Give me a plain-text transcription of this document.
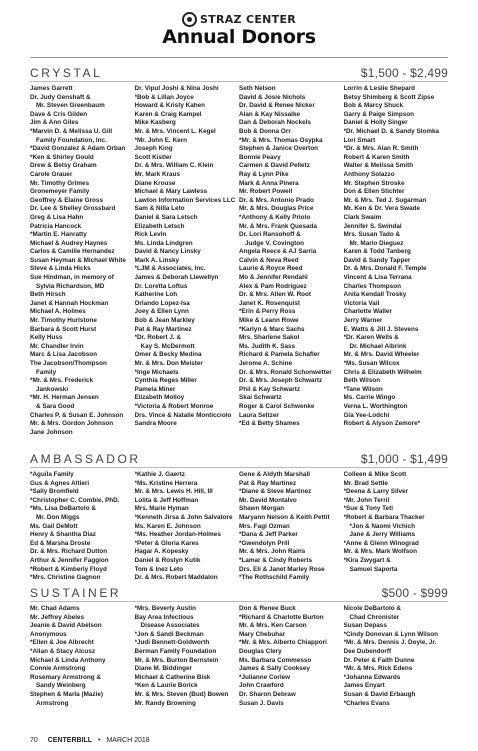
STRAZ CENTER
Annual Donors
CRYSTAL	$1,500 - $2,499
James Garrett
Dr. Judy Genshaft &
Mr. Steven Greenbaum
Dave & Cris Gilden
Jim & Ann Giles
*Marvin D. & Melissa U. Gill
Family Foundation, Inc.
*David Gonzalez & Adam Orban
*Ken & Shirley Gould
Drew & Betsy Graham
Carole Grauer
Mr. Timothy Grimes
Gronemeyer Family
Geoffrey & Elaine Gross
Dr. Lee & Shelley Grossbard
Greg & Lisa Hahn
Patricia Hancock
*Martin E. Hanratty
Michael & Audrey Haynes
Carlos & Camille Hernandez
Susan Heyman & Michael White
Steve & Linda Hicks
Sue Hindman, in memory of
Sylvia Richardson, MD
Beth Hirsch
Janet & Hannah Hockman
Michael A. Holmes
Mr. Timothy Hurlstone
Barbara & Scott Hurst
Kelly Huss
Mr. Chandler Irvin
Marc & Lisa Jacobson
The Jacobson/Thompson
Family
*Mr. & Mrs. Frederick
Jankowski
*Mr. H. Herman Jensen
& Sara Good
Charles P. & Susan E. Johnson
Mr. & Mrs. Gordon Johnson
Jane Johnson
Dr. Vipul Joshi & Nina Joshi
*Bob & Lillan Joyce
Howard & Kristy Kahen
Karen & Craig Kampel
Mike Kasberg
Mr. & Mrs. Vincent L. Kegel
*Mr. John E. Kern
Joseph King
Scott Kistler
Dr. & Mrs. William C. Klein
Mr. Mark Kraus
Diane Krouse
Michael & Mary Lawless
Lawton Information Services LLC
Sam & Nilla Leto
Daniel & Sara Letsch
Elizabeth Letsch
Rick Levin
Ms. Linda Lindgren
David & Nancy Linsky
Mark A. Linsky
*LJM & Associates, Inc.
James & Deborah Llewellyn
Dr. Loretta Loftus
Katherine Loh
Orlando Lopez-Isa
Joey & Ellen Lynn
Bob & Jean Markley
Pat & Ray Martinez
*Dr. Robert J. &
Kay S. McDermott
Omer & Becky Medina
Mr. & Mrs. Don Meister
*Inge Michaels
Cynthia Reges Miller
Pamela Miner
Elizabeth Molloy
*Victoria & Robert Monroe
Drs. Vince & Natalie Monticciolo
Sandra Moore
Seth Nelson
David & Josie Nichols
Dr. David & Renee Nicker
Alan & Kay Nissalke
Dan & Deborah Nockels
Bob & Donna Orr
*Mr. & Mrs. Thomas Osypka
Stephen & Janice Overton
Bonnie Peavy
Carmen & David Pelletz
Ray & Lynn Pike
Mark & Anna Pinera
Mr. Robert Powell
Dr. & Mrs. Antonio Prado
Mr. & Mrs. Douglas Price
*Anthony & Kelly Priolo
Mr. & Mrs. Frank Quesada
Dr. Lori Ransohoff &
Judge V. Covington
Angela Reece & AJ Sarria
Calvin & Neva Reed
Laurie & Royce Reed
Mo & Jennifer Rendahl
Alex & Pam Rodriguez
Dr. & Mrs. Allen W. Root
Janet K. Rosenquist
*Erin & Perry Ross
Mike & Leann Rowe
*Karlyn & Marc Sachs
Mrs. Sharlene Sakol
Ms. Judith K. Sass
Richard & Pamela Schafler
Jerome A. Schine
Dr. & Mrs. Ronald Schonwetter
Dr. & Mrs. Joseph Schwartz
Phil & Kay Schwartz
Skai Schwartz
Roger & Carol Schwenke
Laura Seltzer
*Ed & Betty Shames
Lorrin & Leslie Shepard
Betsy Shimberg & Scott Zipse
Bob & Marcy Shuck
Garry & Paige Simpson
Daniel & Holly Singer
*Dr. Michael D. & Sandy Slomka
Lori Smart
*Dr. & Mrs. Alan R. Smith
Robert & Karen Smith
Walter & Melissa Smith
Anthony Solazzo
Mr. Stephen Stroske
Don & Ellen Stichter
Mr. & Mrs. Ted J. Sugarman
Mr. Ken & Dr. Vera Swade
Clark Swaim
Jennifer S. Swindal
Mrs. Susan Tado &
Mr. Mario Dieguez
Karen & Todd Tanberg
David & Sandy Tapper
Dr. & Mrs. Donald F. Temple
Vincent & Lisa Terrana
Charles Thompson
Anita Kendall Trosky
Victoria Vail
Charlotte Waller
Jerry Warner
E. Watts & Jill J. Stevens
*Dr. Karen Wells &
Dr. Michael Albrink
Mr. & Mrs. David Wheeler
*Ms. Susan Wilcox
Chris & Elizabeth Wilhelm
Beth Wilson
*Tane Wilson
Ms. Carrie Wingo
Verna L. Worthington
Gia Yee-Lodchi
Robert & Alyson Zemore*
AMBASSADOR	$1,000 - $1,499
*Aguila Family
Gus & Agnes Altieri
*Sally Bromfield
*Christopher C. Combie, PhD.
*Ms. Lisa DeBartolo &
Mr. Don Miggs
Ms. Gail DeMott
Henry & Shantha Diaz
Ed & Marsha Droste
Dr. & Mrs. Richard Dutton
Arthur & Jennifer Faggion
*Robert & Kimberly Floyd
*Mrs. Christine Gagnon
*Kathie J. Gaertz
*Ms. Kristine Herrera
Mr. & Mrs. Lewis H. Hill, III
Lolita & Jeff Hoffman
Mrs. Marie Hyman
*Kenneth Jirsa & John Salvatore
Ms. Karen E. Johnson
*Ms. Heather Jordan-Holmes
*Peter & Gloria Kares
Hagar A. Kopesky
Daniel & Roslyn Kutik
Tom & Inez Leto
Dr. & Mrs. Robert Maddalon
Gene & Aldyth Marshall
Pat & Ray Martinez
*Diane & Steve Martinez
Mr. David Montalvo
Shawn Morgan
Maryann Nelson & Keith Pettit
Mrs. Fagi Ozman
*Dana & Jeff Parker
*Gwendolyn Prill
Mr. & Mrs. John Rains
*Lamar & Cindy Roberts
Drs. Eli & Janet Marley Rose
*The Rothschild Family
Colleen & Mike Scott
Mr. Brad Settle
*Deena & Larry Silver
*Mr. John Terril
*Sue & Tony Teti
*Robert & Barbara Thacker
*Jon & Naomi Vichich
Jane & Jerry Williams
*Anne & Glenn Winograd
Mr. & Mrs. Mark Wolfson
*Kira Zwygart &
Samuel Saporta
SUSTAINER	$500 - $999
Mr. Chad Adams
Mr. Jeffrey Abeles
Jeanie & David Abelson
Anonymous
*Ellen & Joe Albrecht
*Allan & Stacy Alcusz
Michael & Linda Anthony
Connie Armstrong
Rosemary Armstrong &
Sandy Weinberg
Stephen & Marla (Mazie)
Armstrong
*Mrs. Beverly Austin
Bay Area Infectious
Disease Associates
*Jon & Sandi Beckman
*Judi Bennett-Goldworth
Berman Family Foundation
Mr. & Mrs. Burton Bernstein
Diane M. Biddinger
Michael & Catherine Bisk
*Ken & Laurie Borick
Mr. & Mrs. Steven (Bud) Bowen
Mr. Randy Browning
Don & Renee Buck
*Richard & Charlotte Burton
Mr. & Mrs. Ken Carson
Mary Chebuhar
*Mr. & Mrs. Alberto Chiappori
Douglas Clery
Ms. Barbara Commesso
James & Sally Cooksey
*Julianne Corlew
John Crawford
Dr. Sharon Debraw
Susan J. Davis
Nicole DeBartolo &
Chad Chronister
Susan Depass
*Cindy Donovan & Lynn Wilson
*Mr. & Mrs. Dennis J. Doyle, Jr.
Dee Dubendorff
Dr. Peter & Faith Dunne
*Mr. & Mrs. Rick Edens
*Johanna Edwards
James Enyart
Susan & David Erbaugh
*Charles Evans
70 CENTERBILL • MARCH 2018
